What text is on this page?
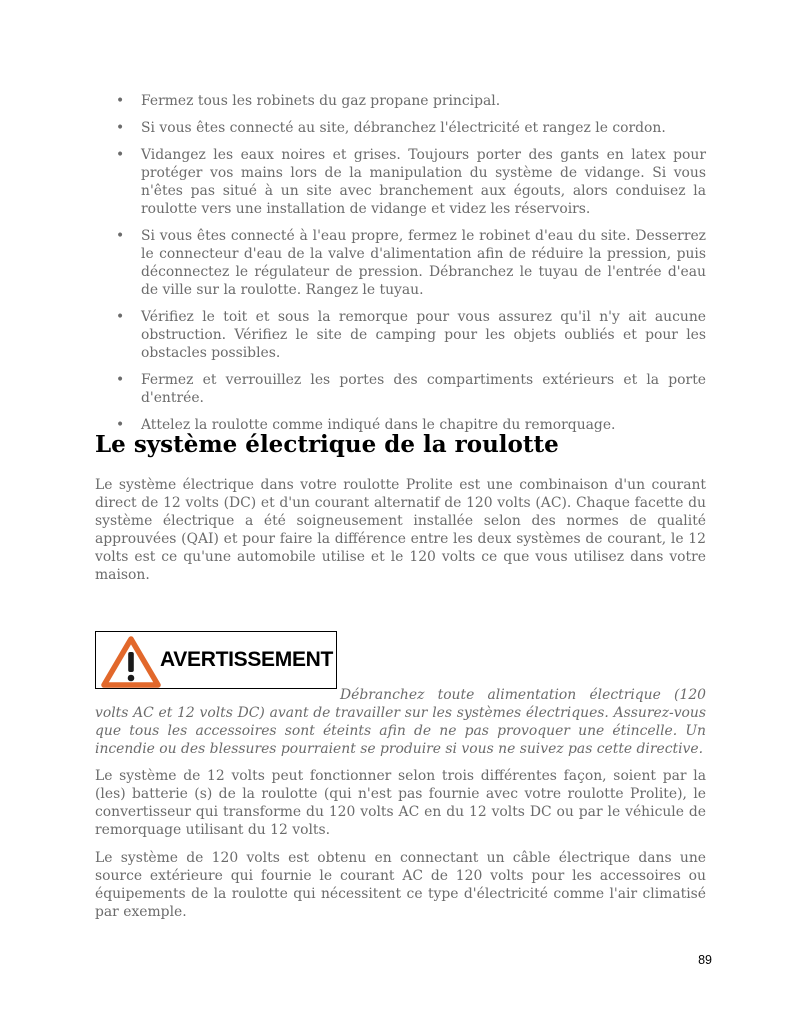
• Fermez tous les robinets du gaz propane principal.
• Si vous êtes connecté au site, débranchez l'électricité et rangez le cordon.
• Vidangez les eaux noires et grises. Toujours porter des gants en latex pour protéger vos mains lors de la manipulation du système de vidange. Si vous n'êtes pas situé à un site avec branchement aux égouts, alors conduisez la roulotte vers une installation de vidange et videz les réservoirs.
• Si vous êtes connecté à l'eau propre, fermez le robinet d'eau du site. Desserrez le connecteur d'eau de la valve d'alimentation afin de réduire la pression, puis déconnectez le régulateur de pression. Débranchez le tuyau de l'entrée d'eau de ville sur la roulotte. Rangez le tuyau.
• Vérifiez le toit et sous la remorque pour vous assurez qu'il n'y ait aucune obstruction. Vérifiez le site de camping pour les objets oubliés et pour les obstacles possibles.
• Fermez et verrouillez les portes des compartiments extérieurs et la porte d'entrée.
• Attelez la roulotte comme indiqué dans le chapitre du remorquage.
Le système électrique de la roulotte

Le système électrique dans votre roulotte Prolite est une combinaison d'un courant direct de 12 volts (DC) et d'un courant alternatif de 120 volts (AC). Chaque facette du système électrique a été soigneusement installée selon des normes de qualité approuvées (QAI) et pour faire la différence entre les deux systèmes de courant, le 12 volts est ce qu'une automobile utilise et le 120 volts ce que vous utilisez dans votre maison.

AVERTISSEMENT

Débranchez toute alimentation électrique (120 volts AC et 12 volts DC) avant de travailler sur les systèmes électriques. Assurez-vous que tous les accessoires sont éteints afin de ne pas provoquer une étincelle. Un incendie ou des blessures pourraient se produire si vous ne suivez pas cette directive.

Le système de 12 volts peut fonctionner selon trois différentes façon, soient par la (les) batterie (s) de la roulotte (qui n'est pas fournie avec votre roulotte Prolite), le convertisseur qui transforme du 120 volts AC en du 12 volts DC ou par le véhicule de remorquage utilisant du 12 volts.

Le système de 120 volts est obtenu en connectant un câble électrique dans une source extérieure qui fournie le courant AC de 120 volts pour les accessoires ou équipements de la roulotte qui nécessitent ce type d'électricité comme l'air climatisé par exemple.

89
